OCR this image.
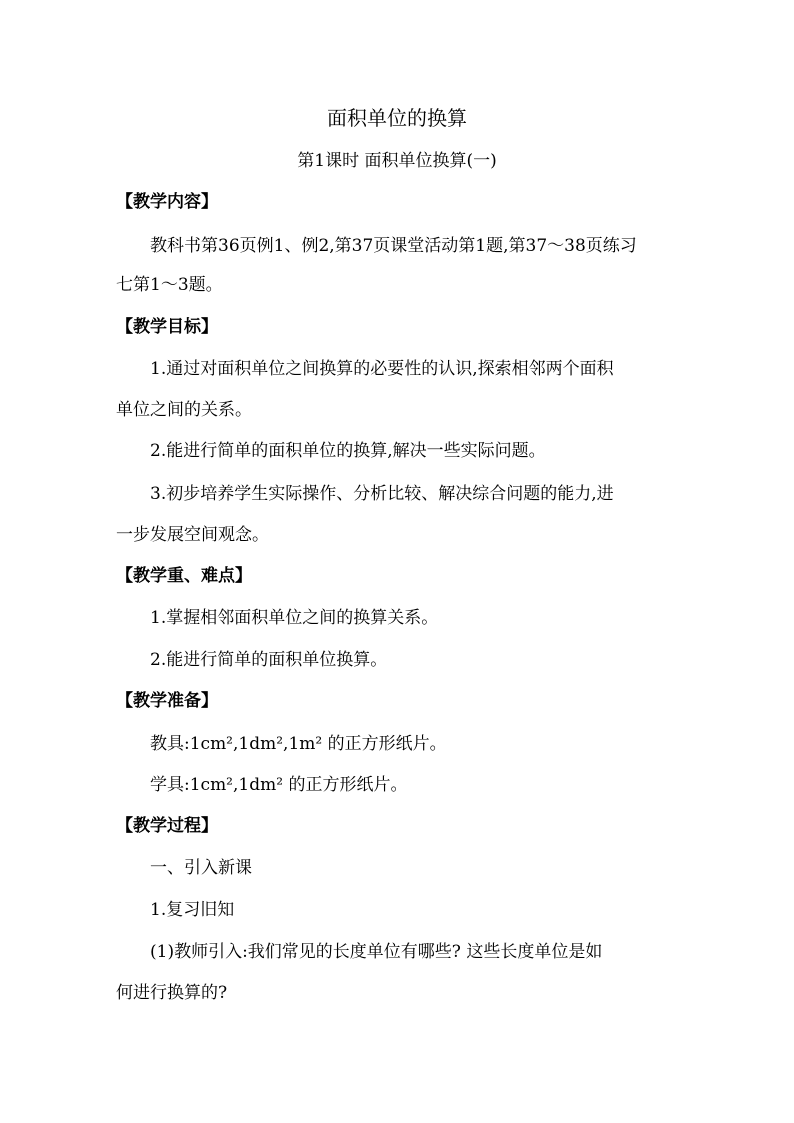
面积单位的换算
第1课时 面积单位换算(一)
【教学内容】
教科书第36页例1、例2,第37页课堂活动第1题,第37～38页练习
七第1～3题。
【教学目标】
1.通过对面积单位之间换算的必要性的认识,探索相邻两个面积
单位之间的关系。
2.能进行简单的面积单位的换算,解决一些实际问题。
3.初步培养学生实际操作、分析比较、解决综合问题的能力,进
一步发展空间观念。
【教学重、难点】
1.掌握相邻面积单位之间的换算关系。
2.能进行简单的面积单位换算。
【教学准备】
教具:1cm²,1dm²,1m² 的正方形纸片。
学具:1cm²,1dm² 的正方形纸片。
【教学过程】
一、引入新课
1.复习旧知
(1)教师引入:我们常见的长度单位有哪些? 这些长度单位是如
何进行换算的?
